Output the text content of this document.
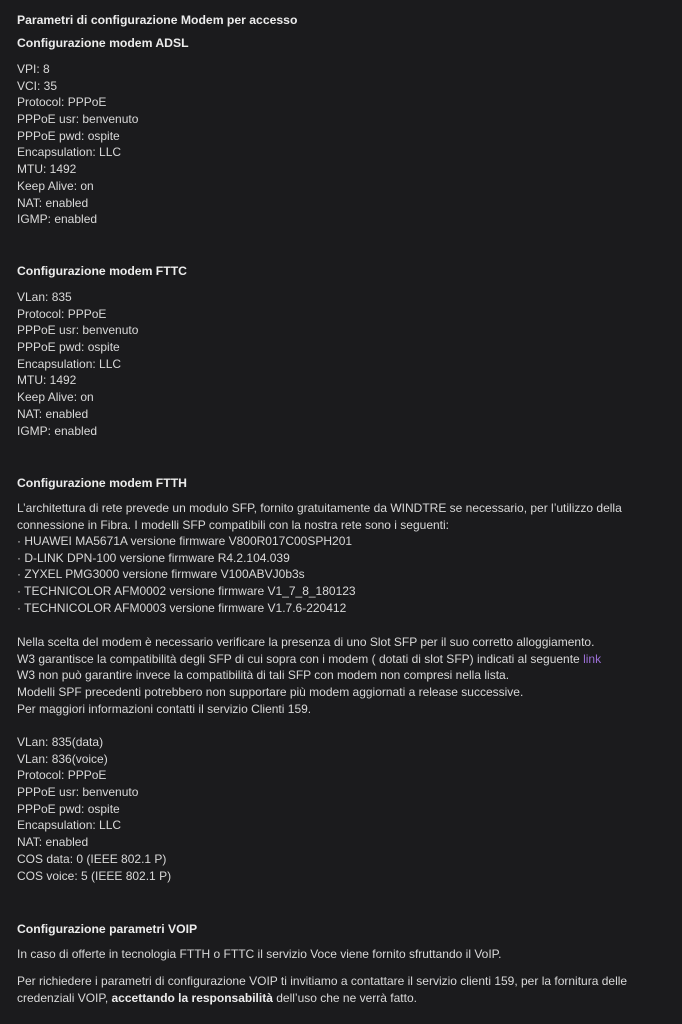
Parametri di configurazione Modem per accesso
Configurazione modem ADSL
VPI: 8
VCI: 35
Protocol: PPPoE
PPPoE usr: benvenuto
PPPoE pwd: ospite
Encapsulation: LLC
MTU: 1492
Keep Alive: on
NAT: enabled
IGMP: enabled
Configurazione modem FTTC
VLan: 835
Protocol: PPPoE
PPPoE usr: benvenuto
PPPoE pwd: ospite
Encapsulation: LLC
MTU: 1492
Keep Alive: on
NAT: enabled
IGMP: enabled
Configurazione modem FTTH
L’architettura di rete prevede un modulo SFP, fornito gratuitamente da WINDTRE se necessario, per l’utilizzo della
connessione in Fibra. I modelli SFP compatibili con la nostra rete sono i seguenti:
· HUAWEI MA5671A versione firmware V800R017C00SPH201
· D-LINK DPN-100 versione firmware R4.2.104.039
· ZYXEL PMG3000 versione firmware V100ABVJ0b3s
· TECHNICOLOR AFM0002 versione firmware V1_7_8_180123
· TECHNICOLOR AFM0003 versione firmware V1.7.6-220412
Nella scelta del modem è necessario verificare la presenza di uno Slot SFP per il suo corretto alloggiamento.
W3 garantisce la compatibilità degli SFP di cui sopra con i modem ( dotati di slot SFP) indicati al seguente link
W3 non può garantire invece la compatibilità di tali SFP con modem non compresi nella lista.
Modelli SPF precedenti potrebbero non supportare più modem aggiornati a release successive.
Per maggiori informazioni contatti il servizio Clienti 159.
VLan: 835(data)
VLan: 836(voice)
Protocol: PPPoE
PPPoE usr: benvenuto
PPPoE pwd: ospite
Encapsulation: LLC
NAT: enabled
COS data: 0 (IEEE 802.1 P)
COS voice: 5 (IEEE 802.1 P)
Configurazione parametri VOIP
In caso di offerte in tecnologia FTTH o FTTC il servizio Voce viene fornito sfruttando il VoIP.
Per richiedere i parametri di configurazione VOIP ti invitiamo a contattare il servizio clienti 159, per la fornitura delle
credenziali VOIP, accettando la responsabilità dell’uso che ne verrà fatto.
